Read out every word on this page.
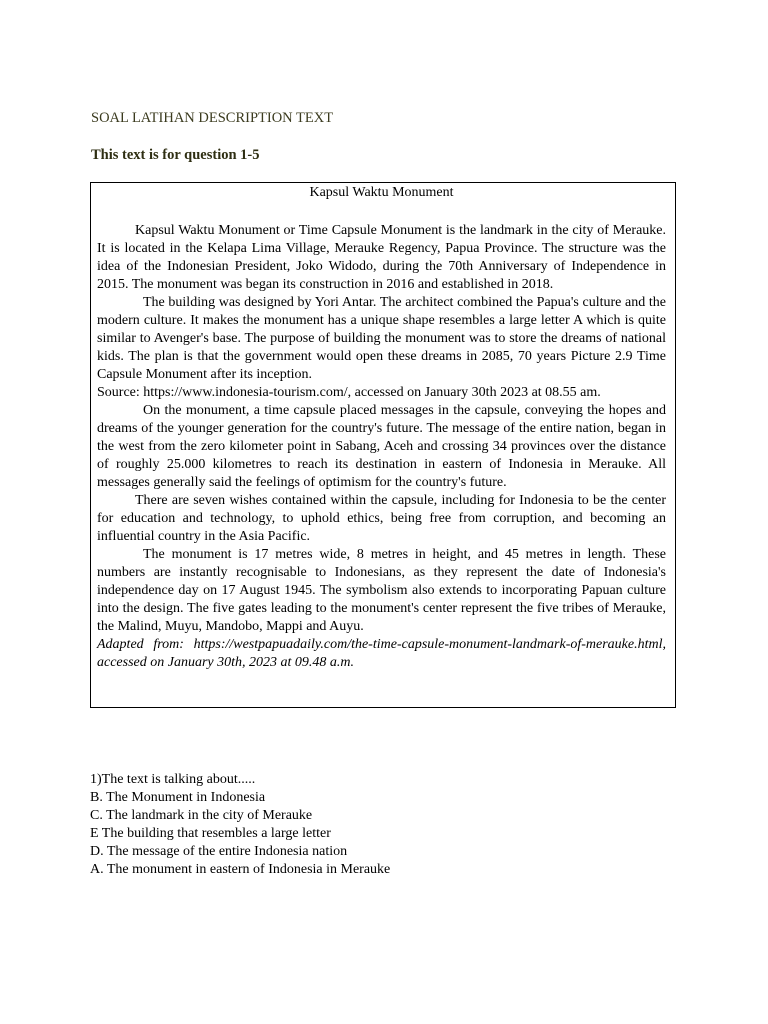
SOAL LATIHAN DESCRIPTION TEXT

This text is for question 1-5

Kapsul Waktu Monument

Kapsul Waktu Monument or Time Capsule Monument is the landmark in the city of Merauke. It is located in the Kelapa Lima Village, Merauke Regency, Papua Province. The structure was the idea of the Indonesian President, Joko Widodo, during the 70th Anniversary of Independence in 2015. The monument was began its construction in 2016 and established in 2018.

The building was designed by Yori Antar. The architect combined the Papua's culture and the modern culture. It makes the monument has a unique shape resembles a large letter A which is quite similar to Avenger's base. The purpose of building the monument was to store the dreams of national kids. The plan is that the government would open these dreams in 2085, 70 years Picture 2.9 Time Capsule Monument after its inception.

Source: https://www.indonesia-tourism.com/, accessed on January 30th 2023 at 08.55 am.

On the monument, a time capsule placed messages in the capsule, conveying the hopes and dreams of the younger generation for the country's future. The message of the entire nation, began in the west from the zero kilometer point in Sabang, Aceh and crossing 34 provinces over the distance of roughly 25.000 kilometres to reach its destination in eastern of Indonesia in Merauke. All messages generally said the feelings of optimism for the country's future.

There are seven wishes contained within the capsule, including for Indonesia to be the center for education and technology, to uphold ethics, being free from corruption, and becoming an influential country in the Asia Pacific.

The monument is 17 metres wide, 8 metres in height, and 45 metres in length. These numbers are instantly recognisable to Indonesians, as they represent the date of Indonesia's independence day on 17 August 1945. The symbolism also extends to incorporating Papuan culture into the design. The five gates leading to the monument's center represent the five tribes of Merauke, the Malind, Muyu, Mandobo, Mappi and Auyu.

Adapted from: https://westpapuadaily.com/the-time-capsule-monument-landmark-of-merauke.html, accessed on January 30th, 2023 at 09.48 a.m.

1)The text is talking about.....
B. The Monument in Indonesia
C. The landmark in the city of Merauke
E The building that resembles a large letter
D. The message of the entire Indonesia nation
A. The monument in eastern of Indonesia in Merauke
